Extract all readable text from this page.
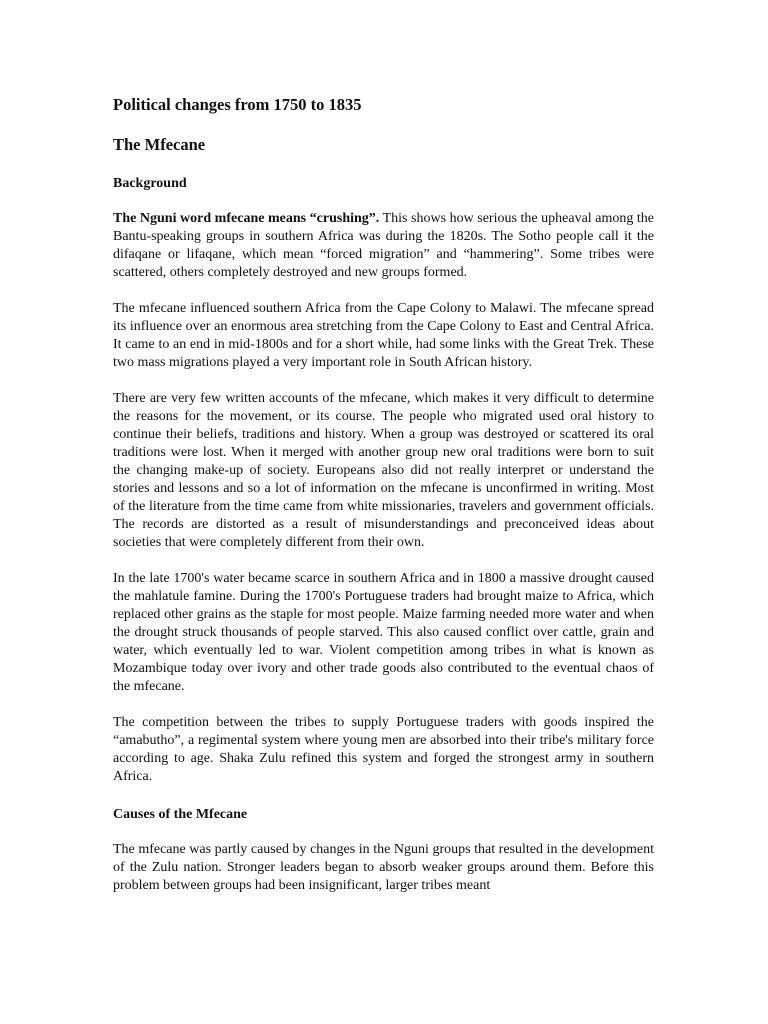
Political changes from 1750 to 1835
The Mfecane
Background

The Nguni word mfecane means “crushing”. This shows how serious the upheaval among the Bantu-speaking groups in southern Africa was during the 1820s. The Sotho people call it the difaqane or lifaqane, which mean “forced migration” and “hammering”. Some tribes were scattered, others completely destroyed and new groups formed.

The mfecane influenced southern Africa from the Cape Colony to Malawi. The mfecane spread its influence over an enormous area stretching from the Cape Colony to East and Central Africa. It came to an end in mid-1800s and for a short while, had some links with the Great Trek. These two mass migrations played a very important role in South African history.

There are very few written accounts of the mfecane, which makes it very difficult to determine the reasons for the movement, or its course. The people who migrated used oral history to continue their beliefs, traditions and history. When a group was destroyed or scattered its oral traditions were lost. When it merged with another group new oral traditions were born to suit the changing make-up of society. Europeans also did not really interpret or understand the stories and lessons and so a lot of information on the mfecane is unconfirmed in writing. Most of the literature from the time came from white missionaries, travelers and government officials. The records are distorted as a result of misunderstandings and preconceived ideas about societies that were completely different from their own.

In the late 1700's water became scarce in southern Africa and in 1800 a massive drought caused the mahlatule famine. During the 1700's Portuguese traders had brought maize to Africa, which replaced other grains as the staple for most people. Maize farming needed more water and when the drought struck thousands of people starved. This also caused conflict over cattle, grain and water, which eventually led to war. Violent competition among tribes in what is known as Mozambique today over ivory and other trade goods also contributed to the eventual chaos of the mfecane.

The competition between the tribes to supply Portuguese traders with goods inspired the “amabutho”, a regimental system where young men are absorbed into their tribe's military force according to age. Shaka Zulu refined this system and forged the strongest army in southern Africa.

Causes of the Mfecane

The mfecane was partly caused by changes in the Nguni groups that resulted in the development of the Zulu nation. Stronger leaders began to absorb weaker groups around them. Before this problem between groups had been insignificant, larger tribes meant
